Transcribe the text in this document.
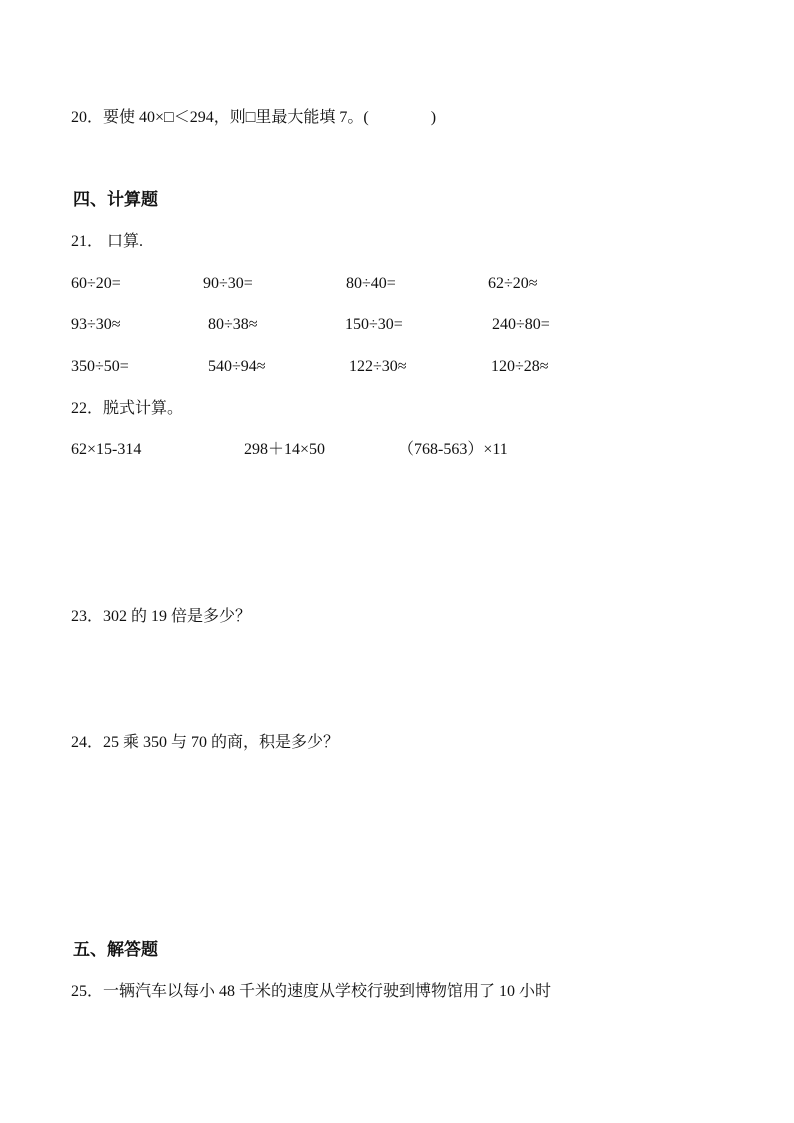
20．要使 40×□＜294，则□里最大能填 7。(	)
四、计算题
21． 口算.
60÷20=	90÷30=	80÷40=	62÷20≈
93÷30≈	80÷38≈	150÷30=	240÷80=
350÷50=	540÷94≈	122÷30≈	120÷28≈
22．脱式计算。
62×15-314	298＋14×50	（768-563）×11
23．302 的 19 倍是多少？
24．25 乘 350 与 70 的商，积是多少？
五、解答题
25．一辆汽车以每小 48 千米的速度从学校行驶到博物馆用了 10 小时
